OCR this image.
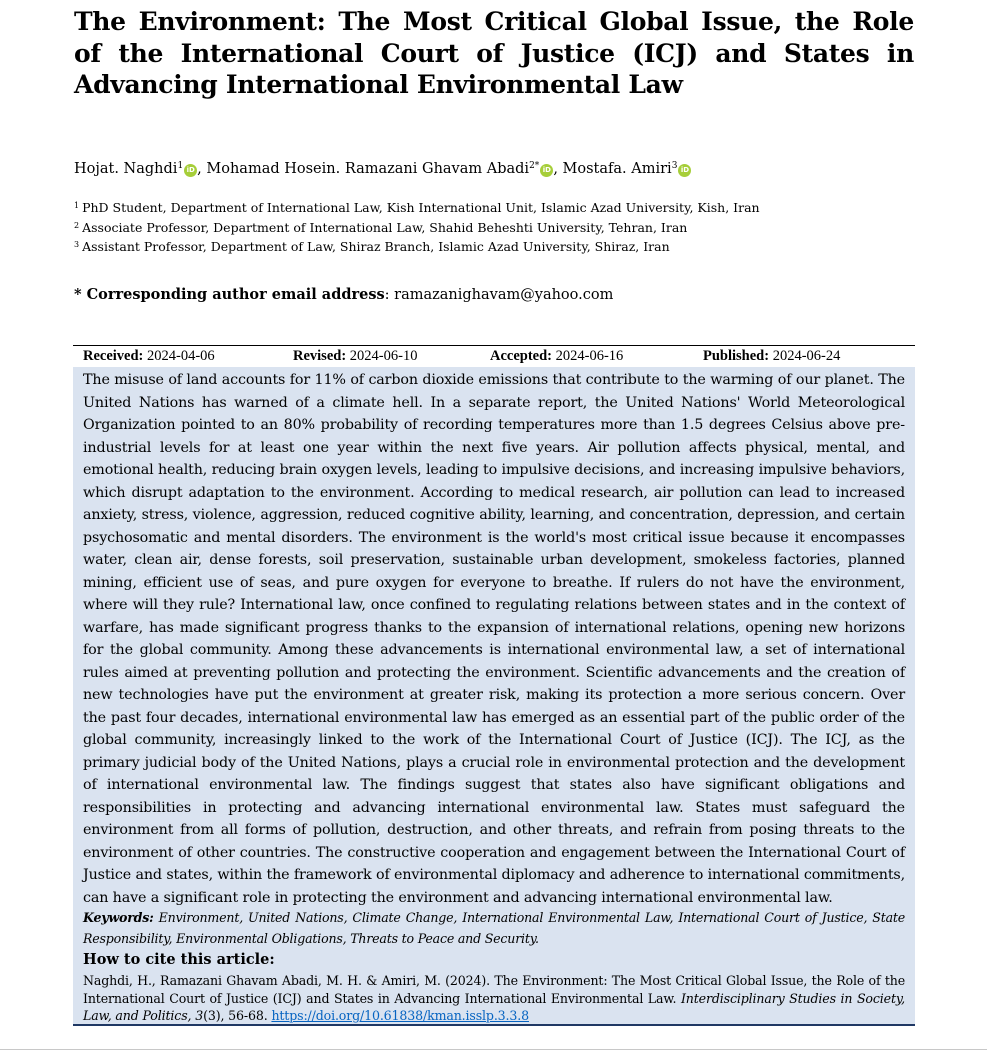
The Environment: The Most Critical Global Issue, the Role of the International Court of Justice (ICJ) and States in Advancing International Environmental Law
Hojat. Naghdi$^1$ iD , Mohamad Hosein. Ramazani Ghavam Abadi$^{2*}$ iD , Mostafa. Amiri$^3$ iD
$^1$ PhD Student, Department of International Law, Kish International Unit, Islamic Azad University, Kish, Iran
$^2$ Associate Professor, Department of International Law, Shahid Beheshti University, Tehran, Iran
$^3$ Assistant Professor, Department of Law, Shiraz Branch, Islamic Azad University, Shiraz, Iran
* Corresponding author email address: ramazanighavam@yahoo.com
Received: 2024-04-06	Revised: 2024-06-10	Accepted: 2024-06-16	Published: 2024-06-24
The misuse of land accounts for 11% of carbon dioxide emissions that contribute to the warming of our planet. The United Nations has warned of a climate hell. In a separate report, the United Nations' World Meteorological Organization pointed to an 80% probability of recording temperatures more than 1.5 degrees Celsius above pre-industrial levels for at least one year within the next five years. Air pollution affects physical, mental, and emotional health, reducing brain oxygen levels, leading to impulsive decisions, and increasing impulsive behaviors, which disrupt adaptation to the environment. According to medical research, air pollution can lead to increased anxiety, stress, violence, aggression, reduced cognitive ability, learning, and concentration, depression, and certain psychosomatic and mental disorders. The environment is the world's most critical issue because it encompasses water, clean air, dense forests, soil preservation, sustainable urban development, smokeless factories, planned mining, efficient use of seas, and pure oxygen for everyone to breathe. If rulers do not have the environment, where will they rule? International law, once confined to regulating relations between states and in the context of warfare, has made significant progress thanks to the expansion of international relations, opening new horizons for the global community. Among these advancements is international environmental law, a set of international rules aimed at preventing pollution and protecting the environment. Scientific advancements and the creation of new technologies have put the environment at greater risk, making its protection a more serious concern. Over the past four decades, international environmental law has emerged as an essential part of the public order of the global community, increasingly linked to the work of the International Court of Justice (ICJ). The ICJ, as the primary judicial body of the United Nations, plays a crucial role in environmental protection and the development of international environmental law. The findings suggest that states also have significant obligations and responsibilities in protecting and advancing international environmental law. States must safeguard the environment from all forms of pollution, destruction, and other threats, and refrain from posing threats to the environment of other countries. The constructive cooperation and engagement between the International Court of Justice and states, within the framework of environmental diplomacy and adherence to international commitments, can have a significant role in protecting the environment and advancing international environmental law.
Keywords: Environment, United Nations, Climate Change, International Environmental Law, International Court of Justice, State Responsibility, Environmental Obligations, Threats to Peace and Security.
How to cite this article:
Naghdi, H., Ramazani Ghavam Abadi, M. H. & Amiri, M. (2024). The Environment: The Most Critical Global Issue, the Role of the International Court of Justice (ICJ) and States in Advancing International Environmental Law. Interdisciplinary Studies in Society, Law, and Politics, 3(3), 56-68. https://doi.org/10.61838/kman.isslp.3.3.8
